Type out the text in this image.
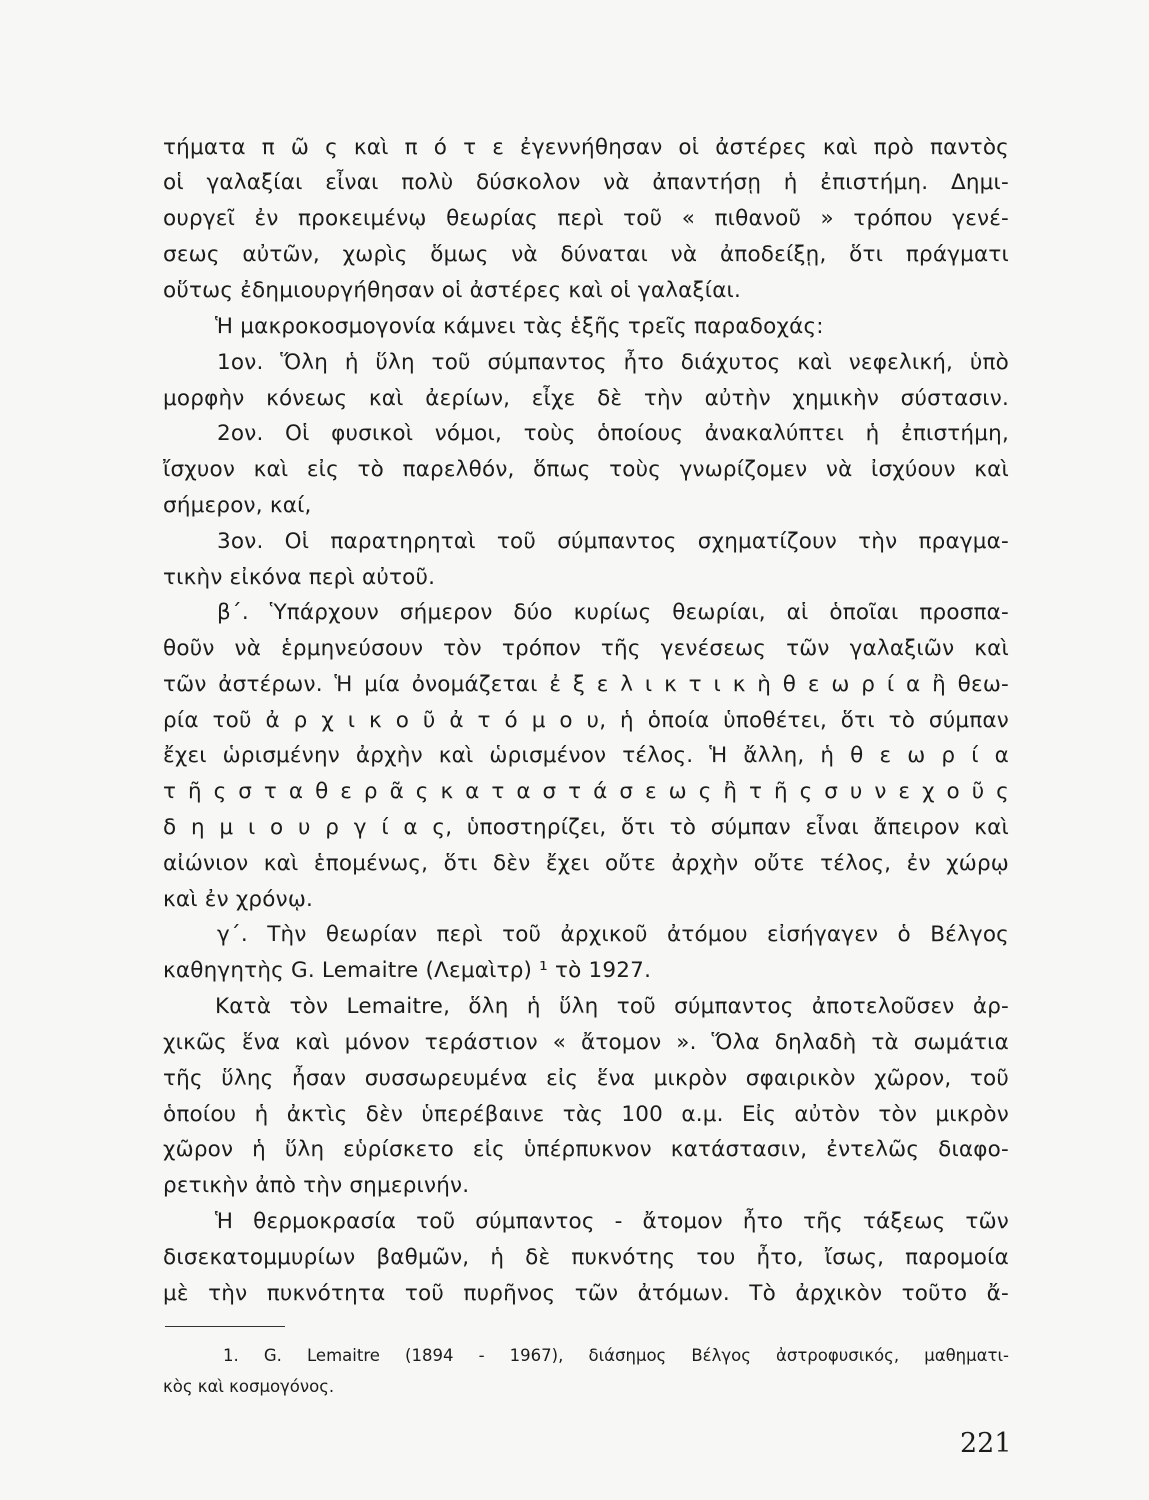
τήματα π ῶ ς καὶ π ό τ ε ἐγεννήθησαν οἱ ἀστέρες καὶ πρὸ παντὸς
οἱ γαλαξίαι εἶναι πολὺ δύσκολον νὰ ἀπαντήσῃ ἡ ἐπιστήμη. Δημι-
ουργεῖ ἐν προκειμένῳ θεωρίας περὶ τοῦ « πιθανοῦ » τρόπου γενέ-
σεως αὐτῶν, χωρὶς ὅμως νὰ δύναται νὰ ἀποδείξῃ, ὅτι πράγματι
οὕτως ἐδημιουργήθησαν οἱ ἀστέρες καὶ οἱ γαλαξίαι.
Ἡ μακροκοσμογονία κάμνει τὰς ἑξῆς τρεῖς παραδοχάς:
1ον. Ὅλη ἡ ὕλη τοῦ σύμπαντος ἦτο διάχυτος καὶ νεφελική, ὑπὸ
μορφὴν κόνεως καὶ ἀερίων, εἶχε δὲ τὴν αὐτὴν χημικὴν σύστασιν.
2ον. Οἱ φυσικοὶ νόμοι, τοὺς ὁποίους ἀνακαλύπτει ἡ ἐπιστήμη,
ἴσχυον καὶ εἰς τὸ παρελθόν, ὅπως τοὺς γνωρίζομεν νὰ ἰσχύουν καὶ
σήμερον, καί,
3ον. Οἱ παρατηρηταὶ τοῦ σύμπαντος σχηματίζουν τὴν πραγμα-
τικὴν εἰκόνα περὶ αὐτοῦ.
β΄. Ὑπάρχουν σήμερον δύο κυρίως θεωρίαι, αἱ ὁποῖαι προσπα-
θοῦν νὰ ἑρμηνεύσουν τὸν τρόπον τῆς γενέσεως τῶν γαλαξιῶν καὶ
τῶν ἀστέρων. Ἡ μία ὀνομάζεται ἐ ξ ε λ ι κ τ ι κ ὴ θ ε ω ρ ί α ἢ θεω-
ρία τοῦ ἀ ρ χ ι κ ο ῦ ἀ τ ό μ ο υ, ἡ ὁποία ὑποθέτει, ὅτι τὸ σύμπαν
ἔχει ὡρισμένην ἀρχὴν καὶ ὡρισμένον τέλος. Ἡ ἄλλη, ἡ θ ε ω ρ ί α
τ ῆ ς σ τ α θ ε ρ ᾶ ς κ α τ α σ τ ά σ ε ω ς ἢ τ ῆ ς σ υ ν ε χ ο ῦ ς
δ η μ ι ο υ ρ γ ί α ς, ὑποστηρίζει, ὅτι τὸ σύμπαν εἶναι ἄπειρον καὶ
αἰώνιον καὶ ἑπομένως, ὅτι δὲν ἔχει οὔτε ἀρχὴν οὔτε τέλος, ἐν χώρῳ
καὶ ἐν χρόνῳ.
γ΄. Τὴν θεωρίαν περὶ τοῦ ἀρχικοῦ ἀτόμου εἰσήγαγεν ὁ Βέλγος
καθηγητὴς G. Lemaitre (Λεμαὶτρ) ¹ τὸ 1927.
Κατὰ τὸν Lemaitre, ὅλη ἡ ὕλη τοῦ σύμπαντος ἀποτελοῦσεν ἀρ-
χικῶς ἕνα καὶ μόνον τεράστιον « ἄτομον ». Ὅλα δηλαδὴ τὰ σωμάτια
τῆς ὕλης ἦσαν συσσωρευμένα εἰς ἕνα μικρὸν σφαιρικὸν χῶρον, τοῦ
ὁποίου ἡ ἀκτὶς δὲν ὑπερέβαινε τὰς 100 α.μ. Εἰς αὐτὸν τὸν μικρὸν
χῶρον ἡ ὕλη εὑρίσκετο εἰς ὑπέρπυκνον κατάστασιν, ἐντελῶς διαφο-
ρετικὴν ἀπὸ τὴν σημερινήν.
Ἡ θερμοκρασία τοῦ σύμπαντος - ἄτομον ἦτο τῆς τάξεως τῶν
δισεκατομμυρίων βαθμῶν, ἡ δὲ πυκνότης του ἦτο, ἴσως, παρομοία
μὲ τὴν πυκνότητα τοῦ πυρῆνος τῶν ἀτόμων. Τὸ ἀρχικὸν τοῦτο ἄ-
1. G. Lemaitre (1894 - 1967), διάσημος Βέλγος ἀστροφυσικός, μαθηματι-
κὸς καὶ κοσμογόνος.
221
